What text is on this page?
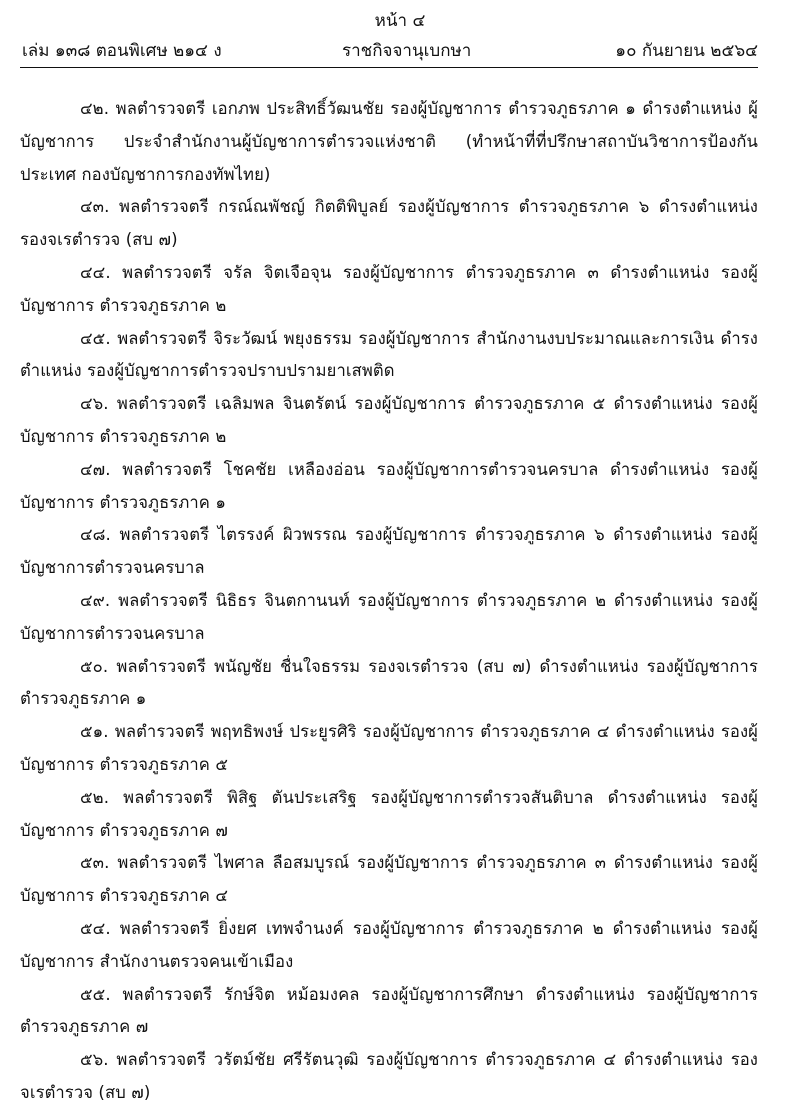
หน้า ๔
เล่ม ๑๓๘ ตอนพิเศษ ๒๑๔ ง	ราชกิจจานุเบกษา	๑๐ กันยายน ๒๕๖๔

๔๒. พลตำรวจตรี เอกภพ ประสิทธิ์วัฒนชัย รองผู้บัญชาการ ตำรวจภูธรภาค ๑ ดำรงตำแหน่ง ผู้บัญชาการ ประจำสำนักงานผู้บัญชาการตำรวจแห่งชาติ (ทำหน้าที่ที่ปรึกษาสถาบันวิชาการป้องกันประเทศ กองบัญชาการกองทัพไทย)

๔๓. พลตำรวจตรี กรณ์ณพัชญ์ กิตติพิบูลย์ รองผู้บัญชาการ ตำรวจภูธรภาค ๖ ดำรงตำแหน่ง รองจเรตำรวจ (สบ ๗)

๔๔. พลตำรวจตรี จรัล จิตเจือจุน รองผู้บัญชาการ ตำรวจภูธรภาค ๓ ดำรงตำแหน่ง รองผู้บัญชาการ ตำรวจภูธรภาค ๒

๔๕. พลตำรวจตรี จิระวัฒน์ พยุงธรรม รองผู้บัญชาการ สำนักงานงบประมาณและการเงิน ดำรงตำแหน่ง รองผู้บัญชาการตำรวจปราบปรามยาเสพติด

๔๖. พลตำรวจตรี เฉลิมพล จินตรัตน์ รองผู้บัญชาการ ตำรวจภูธรภาค ๕ ดำรงตำแหน่ง รองผู้บัญชาการ ตำรวจภูธรภาค ๒

๔๗. พลตำรวจตรี โชคชัย เหลืองอ่อน รองผู้บัญชาการตำรวจนครบาล ดำรงตำแหน่ง รองผู้บัญชาการ ตำรวจภูธรภาค ๑

๔๘. พลตำรวจตรี ไตรรงค์ ผิวพรรณ รองผู้บัญชาการ ตำรวจภูธรภาค ๖ ดำรงตำแหน่ง รองผู้บัญชาการตำรวจนครบาล

๔๙. พลตำรวจตรี นิธิธร จินตกานนท์ รองผู้บัญชาการ ตำรวจภูธรภาค ๒ ดำรงตำแหน่ง รองผู้บัญชาการตำรวจนครบาล

๕๐. พลตำรวจตรี พนัญชัย ชื่นใจธรรม รองจเรตำรวจ (สบ ๗) ดำรงตำแหน่ง รองผู้บัญชาการ ตำรวจภูธรภาค ๑

๕๑. พลตำรวจตรี พฤทธิพงษ์ ประยูรศิริ รองผู้บัญชาการ ตำรวจภูธรภาค ๔ ดำรงตำแหน่ง รองผู้บัญชาการ ตำรวจภูธรภาค ๕

๕๒. พลตำรวจตรี พิสิฐ ตันประเสริฐ รองผู้บัญชาการตำรวจสันติบาล ดำรงตำแหน่ง รองผู้บัญชาการ ตำรวจภูธรภาค ๗

๕๓. พลตำรวจตรี ไพศาล ลือสมบูรณ์ รองผู้บัญชาการ ตำรวจภูธรภาค ๓ ดำรงตำแหน่ง รองผู้บัญชาการ ตำรวจภูธรภาค ๔

๕๔. พลตำรวจตรี ยิ่งยศ เทพจำนงค์ รองผู้บัญชาการ ตำรวจภูธรภาค ๒ ดำรงตำแหน่ง รองผู้บัญชาการ สำนักงานตรวจคนเข้าเมือง

๕๕. พลตำรวจตรี รักษ์จิต หม้อมงคล รองผู้บัญชาการศึกษา ดำรงตำแหน่ง รองผู้บัญชาการ ตำรวจภูธรภาค ๗

๕๖. พลตำรวจตรี วรัตม์ชัย ศรีรัตนวุฒิ รองผู้บัญชาการ ตำรวจภูธรภาค ๔ ดำรงตำแหน่ง รองจเรตำรวจ (สบ ๗)
